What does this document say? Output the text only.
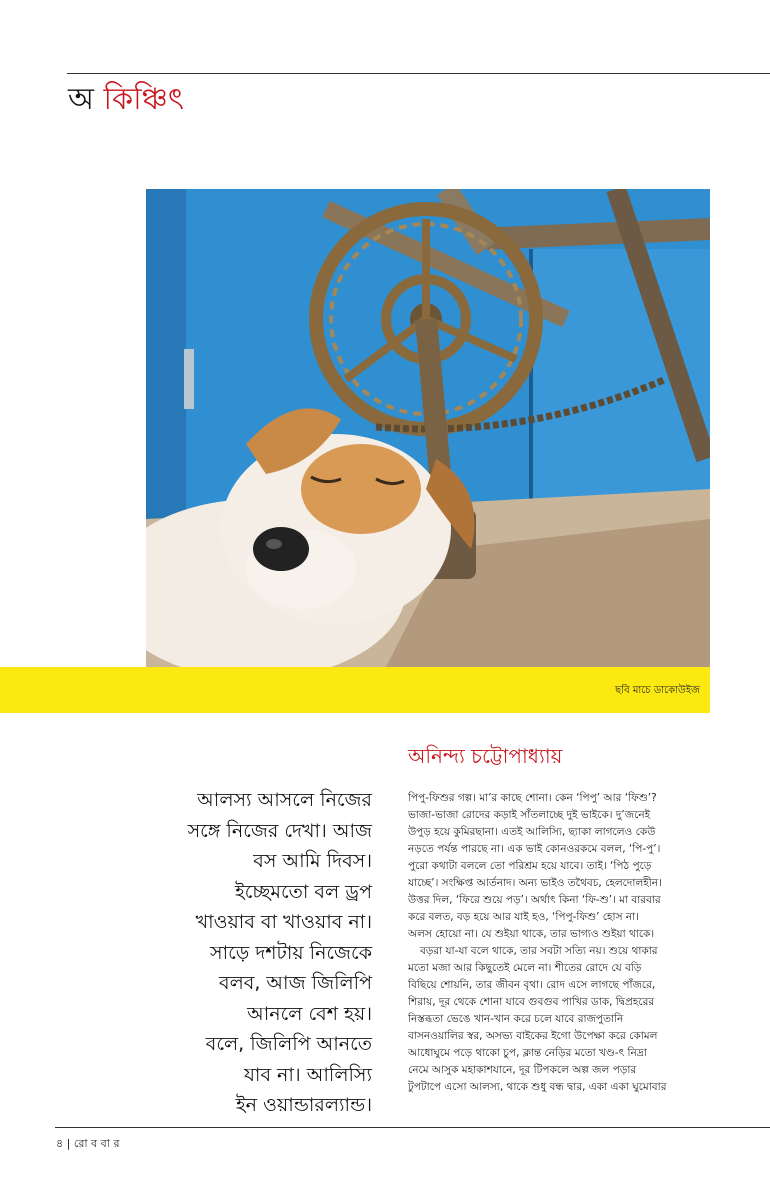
অ কিঞ্চিৎ
ছবি মাচে ডাকোউইজ
অনিন্দ্য চট্টোপাধ্যায়
আলস্য আসলে নিজের
সঙ্গে নিজের দেখা। আজ
বস আমি দিবস।
ইচ্ছেমতো বল ড্রপ
খাওয়াব বা খাওয়াব না।
সাড়ে দশটায় নিজেকে
বলব, আজ জিলিপি
আনলে বেশ হয়।
বলে, জিলিপি আনতে
যাব না। আলিস্যি
ইন ওয়ান্ডারল্যান্ড।
পিপু-ফিশুর গল্প। মা’র কাছে শোনা। কেন ‘পিপু’ আর ‘ফিশু’?
ভাজা-ভাজা রোদের কড়াই সাঁতলাচ্ছে দুই ভাইকে। দু’জনেই
উপুড় হয়ে কুমিরছানা। এতই আলিস্যি, ছ্যাকা লাগলেও কেউ
নড়তে পর্যন্ত পারছে না। এক ভাই কোনওরকমে বলল, ‘পি-পু’।
পুরো কথাটা বললে তো পরিশ্রম হয়ে যাবে। তাই। ‘পিঠ পুড়ে
যাচ্ছে’। সংক্ষিপ্ত আর্তনাদ। অন্য ভাইও তথৈবচ, হেলদোলহীন।
উত্তর দিল, ‘ফিরে শুয়ে পড়’। অর্থাৎ কিনা ‘ফি-শু’। মা বারবার
করে বলত, বড় হয়ে আর যাই হও, ‘পিপু-ফিশু’ হোস না।
অলস হোয়ো না। যে শুইয়া থাকে, তার ভাগ্যও শুইয়া থাকে।
বড়রা যা-যা বলে থাকে, তার সবটা সত্যি নয়। শুয়ে থাকার
মতো মজা আর কিছুতেই মেলে না। শীতের রোদে যে বড়ি
বিছিয়ে শোয়নি, তার জীবন বৃথা। রোদ এসে লাগছে পাঁজরে,
শিরায়, দূর থেকে শোনা যাবে গুবগুব পাখির ডাক, দ্বিপ্রহরের
নিস্তব্ধতা ভেঙে খান-খান করে চলে যাবে রাজপুতানি
বাসনওয়ালির স্বর, অসভ্য বাইকের ইগো উপেক্ষা করে কোমল
আধোঘুমে পড়ে থাকো চুপ, ক্লান্ত নেড়ির মতো খণ্ড-ৎ নিদ্রা
নেমে আসুক মহাকাশযানে, দূর টিপকলে অল্প জল পড়ার
টুপটাপে এসো আলস্য, থাকে শুধু বন্ধ দ্বার, একা একা ঘুমোবার
৪ | রো ব বা র
